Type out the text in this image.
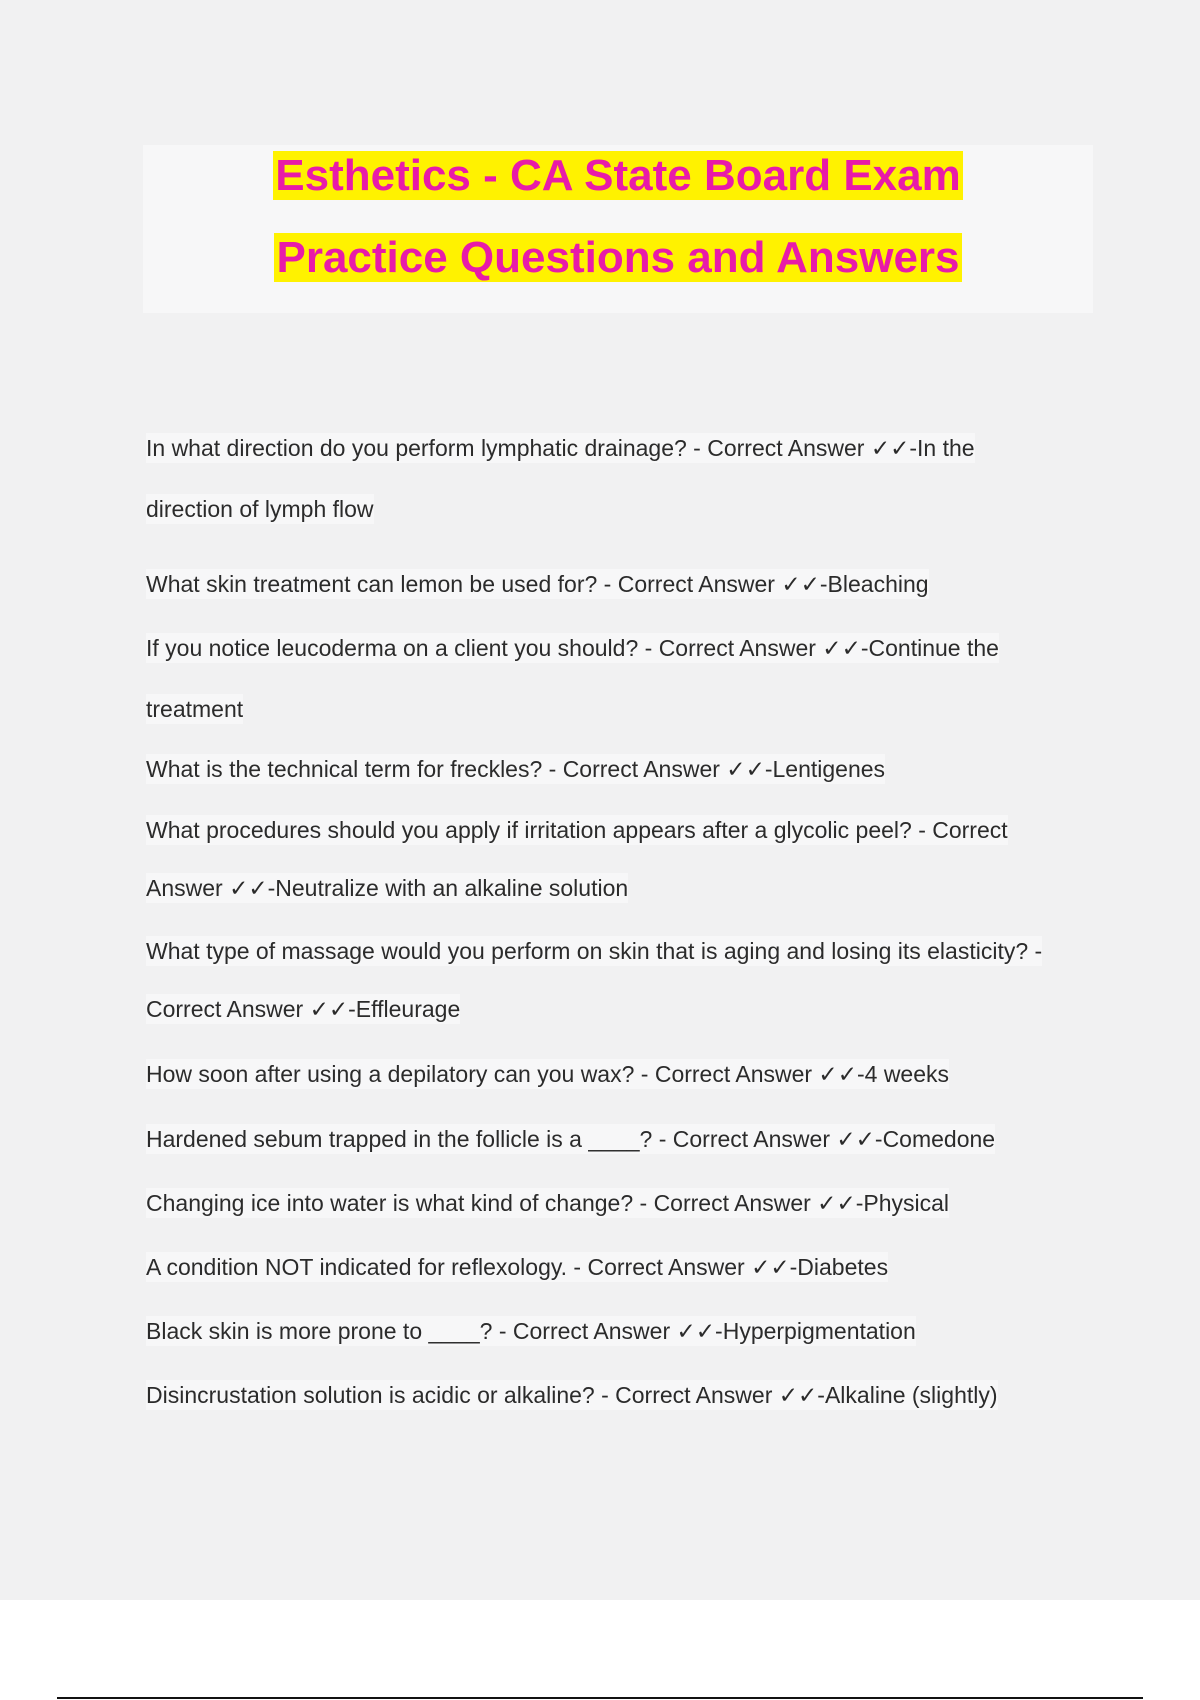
Esthetics - CA State Board Exam
Practice Questions and Answers
In what direction do you perform lymphatic drainage? - Correct Answer ✓✓-In the
direction of lymph flow
What skin treatment can lemon be used for? - Correct Answer ✓✓-Bleaching
If you notice leucoderma on a client you should? - Correct Answer ✓✓-Continue the
treatment
What is the technical term for freckles? - Correct Answer ✓✓-Lentigenes
What procedures should you apply if irritation appears after a glycolic peel? - Correct
Answer ✓✓-Neutralize with an alkaline solution
What type of massage would you perform on skin that is aging and losing its elasticity? -
Correct Answer ✓✓-Effleurage
How soon after using a depilatory can you wax? - Correct Answer ✓✓-4 weeks
Hardened sebum trapped in the follicle is a ____? - Correct Answer ✓✓-Comedone
Changing ice into water is what kind of change? - Correct Answer ✓✓-Physical
A condition NOT indicated for reflexology. - Correct Answer ✓✓-Diabetes
Black skin is more prone to ____? - Correct Answer ✓✓-Hyperpigmentation
Disincrustation solution is acidic or alkaline? - Correct Answer ✓✓-Alkaline (slightly)
